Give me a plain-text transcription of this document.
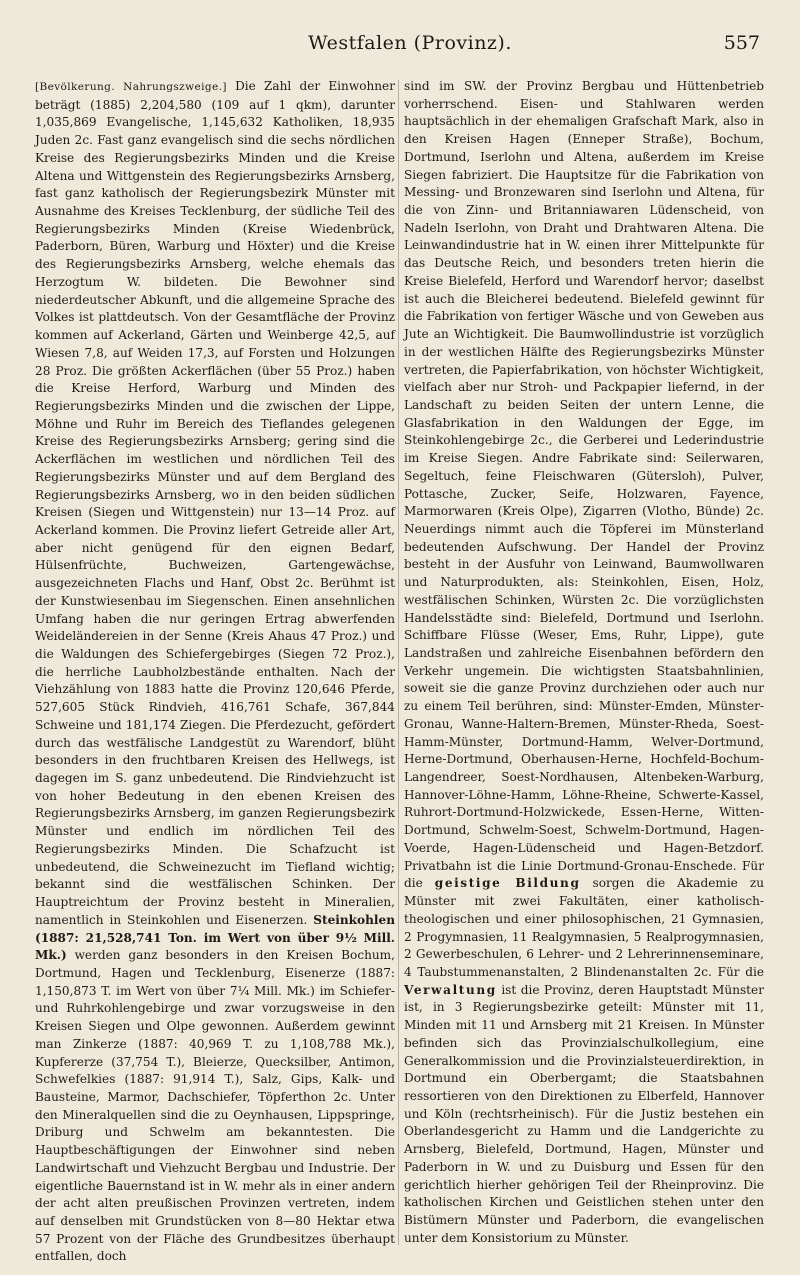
Westfalen (Provinz).	557

[Bevölkerung. Nahrungszweige.] Die Zahl der Einwohner beträgt (1885) 2,204,580 (109 auf 1 qkm), darunter 1,035,869 Evangelische, 1,145,632 Katholiken, 18,935 Juden 2c. Fast ganz evangelisch sind die sechs nördlichen Kreise des Regierungsbezirks Minden und die Kreise Altena und Wittgenstein des Regierungsbezirks Arnsberg, fast ganz katholisch der Regierungsbezirk Münster mit Ausnahme des Kreises Tecklenburg, der südliche Teil des Regierungsbezirks Minden (Kreise Wiedenbrück, Paderborn, Büren, Warburg und Höxter) und die Kreise des Regierungsbezirks Arnsberg, welche ehemals das Herzogtum W. bildeten. Die Bewohner sind niederdeutscher Abkunft, und die allgemeine Sprache des Volkes ist plattdeutsch. Von der Gesamtfläche der Provinz kommen auf Ackerland, Gärten und Weinberge 42,5, auf Wiesen 7,8, auf Weiden 17,3, auf Forsten und Holzungen 28 Proz. Die größten Ackerflächen (über 55 Proz.) haben die Kreise Herford, Warburg und Minden des Regierungsbezirks Minden und die zwischen der Lippe, Möhne und Ruhr im Bereich des Tieflandes gelegenen Kreise des Regierungsbezirks Arnsberg; gering sind die Ackerflächen im westlichen und nördlichen Teil des Regierungsbezirks Münster und auf dem Bergland des Regierungsbezirks Arnsberg, wo in den beiden südlichen Kreisen (Siegen und Wittgenstein) nur 13—14 Proz. auf Ackerland kommen. Die Provinz liefert Getreide aller Art, aber nicht genügend für den eignen Bedarf, Hülsenfrüchte, Buchweizen, Gartengewächse, ausgezeichneten Flachs und Hanf, Obst 2c. Berühmt ist der Kunstwiesenbau im Siegenschen. Einen ansehnlichen Umfang haben die nur geringen Ertrag abwerfenden Weideländereien in der Senne (Kreis Ahaus 47 Proz.) und die Waldungen des Schiefergebirges (Siegen 72 Proz.), die herrliche Laubholzbestände enthalten. Nach der Viehzählung von 1883 hatte die Provinz 120,646 Pferde, 527,605 Stück Rindvieh, 416,761 Schafe, 367,844 Schweine und 181,174 Ziegen. Die Pferdezucht, gefördert durch das westfälische Landgestüt zu Warendorf, blüht besonders in den fruchtbaren Kreisen des Hellwegs, ist dagegen im S. ganz unbedeutend. Die Rindviehzucht ist von hoher Bedeutung in den ebenen Kreisen des Regierungsbezirks Arnsberg, im ganzen Regierungsbezirk Münster und endlich im nördlichen Teil des Regierungsbezirks Minden. Die Schafzucht ist unbedeutend, die Schweinezucht im Tiefland wichtig; bekannt sind die westfälischen Schinken. Der Hauptreichtum der Provinz besteht in Mineralien, namentlich in Steinkohlen und Eisenerzen. Steinkohlen (1887: 21,528,741 Ton. im Wert von über 9½ Mill. Mk.) werden ganz besonders in den Kreisen Bochum, Dortmund, Hagen und Tecklenburg, Eisenerze (1887: 1,150,873 T. im Wert von über 7¼ Mill. Mk.) im Schiefer- und Ruhrkohlengebirge und zwar vorzugsweise in den Kreisen Siegen und Olpe gewonnen. Außerdem gewinnt man Zinkerze (1887: 40,969 T. zu 1,108,788 Mk.), Kupfererze (37,754 T.), Bleierze, Quecksilber, Antimon, Schwefelkies (1887: 91,914 T.), Salz, Gips, Kalk- und Bausteine, Marmor, Dachschiefer, Töpferthon 2c. Unter den Mineralquellen sind die zu Oeynhausen, Lippspringe, Driburg und Schwelm am bekanntesten. Die Hauptbeschäftigungen der Einwohner sind neben Landwirtschaft und Viehzucht Bergbau und Industrie. Der eigentliche Bauernstand ist in W. mehr als in einer andern der acht alten preußischen Provinzen vertreten, indem auf denselben mit Grundstücken von 8—80 Hektar etwa 57 Prozent von der Fläche des Grundbesitzes überhaupt entfallen, doch

sind im SW. der Provinz Bergbau und Hüttenbetrieb vorherrschend. Eisen- und Stahlwaren werden hauptsächlich in der ehemaligen Grafschaft Mark, also in den Kreisen Hagen (Enneper Straße), Bochum, Dortmund, Iserlohn und Altena, außerdem im Kreise Siegen fabriziert. Die Hauptsitze für die Fabrikation von Messing- und Bronzewaren sind Iserlohn und Altena, für die von Zinn- und Britanniawaren Lüdenscheid, von Nadeln Iserlohn, von Draht und Drahtwaren Altena. Die Leinwandindustrie hat in W. einen ihrer Mittelpunkte für das Deutsche Reich, und besonders treten hierin die Kreise Bielefeld, Herford und Warendorf hervor; daselbst ist auch die Bleicherei bedeutend. Bielefeld gewinnt für die Fabrikation von fertiger Wäsche und von Geweben aus Jute an Wichtigkeit. Die Baumwollindustrie ist vorzüglich in der westlichen Hälfte des Regierungsbezirks Münster vertreten, die Papierfabrikation, von höchster Wichtigkeit, vielfach aber nur Stroh- und Packpapier liefernd, in der Landschaft zu beiden Seiten der untern Lenne, die Glasfabrikation in den Waldungen der Egge, im Steinkohlengebirge 2c., die Gerberei und Lederindustrie im Kreise Siegen. Andre Fabrikate sind: Seilerwaren, Segeltuch, feine Fleischwaren (Gütersloh), Pulver, Pottasche, Zucker, Seife, Holzwaren, Fayence, Marmorwaren (Kreis Olpe), Zigarren (Vlotho, Bünde) 2c. Neuerdings nimmt auch die Töpferei im Münsterland bedeutenden Aufschwung. Der Handel der Provinz besteht in der Ausfuhr von Leinwand, Baumwollwaren und Naturprodukten, als: Steinkohlen, Eisen, Holz, westfälischen Schinken, Würsten 2c. Die vorzüglichsten Handelsstädte sind: Bielefeld, Dortmund und Iserlohn. Schiffbare Flüsse (Weser, Ems, Ruhr, Lippe), gute Landstraßen und zahlreiche Eisenbahnen befördern den Verkehr ungemein. Die wichtigsten Staatsbahnlinien, soweit sie die ganze Provinz durchziehen oder auch nur zu einem Teil berühren, sind: Münster-Emden, Münster-Gronau, Wanne-Haltern-Bremen, Münster-Rheda, Soest-Hamm-Münster, Dortmund-Hamm, Welver-Dortmund, Herne-Dortmund, Oberhausen-Herne, Hochfeld-Bochum-Langendreer, Soest-Nordhausen, Altenbeken-Warburg, Hannover-Löhne-Hamm, Löhne-Rheine, Schwerte-Kassel, Ruhrort-Dortmund-Holzwickede, Essen-Herne, Witten-Dortmund, Schwelm-Soest, Schwelm-Dortmund, Hagen-Voerde, Hagen-Lüdenscheid und Hagen-Betzdorf. Privatbahn ist die Linie Dortmund-Gronau-Enschede. Für die geistige Bildung sorgen die Akademie zu Münster mit zwei Fakultäten, einer katholisch-theologischen und einer philosophischen, 21 Gymnasien, 2 Progymnasien, 11 Realgymnasien, 5 Realprogymnasien, 2 Gewerbeschulen, 6 Lehrer- und 2 Lehrerinnenseminare, 4 Taubstummenanstalten, 2 Blindenanstalten 2c. Für die Verwaltung ist die Provinz, deren Hauptstadt Münster ist, in 3 Regierungsbezirke geteilt: Münster mit 11, Minden mit 11 und Arnsberg mit 21 Kreisen. In Münster befinden sich das Provinzialschulkollegium, eine Generalkommission und die Provinzialsteuerdirektion, in Dortmund ein Oberbergamt; die Staatsbahnen ressortieren von den Direktionen zu Elberfeld, Hannover und Köln (rechtsrheinisch). Für die Justiz bestehen ein Oberlandesgericht zu Hamm und die Landgerichte zu Arnsberg, Bielefeld, Dortmund, Hagen, Münster und Paderborn in W. und zu Duisburg und Essen für den gerichtlich hierher gehörigen Teil der Rheinprovinz. Die katholischen Kirchen und Geistlichen stehen unter den Bistümern Münster und Paderborn, die evangelischen unter dem Konsistorium zu Münster.
